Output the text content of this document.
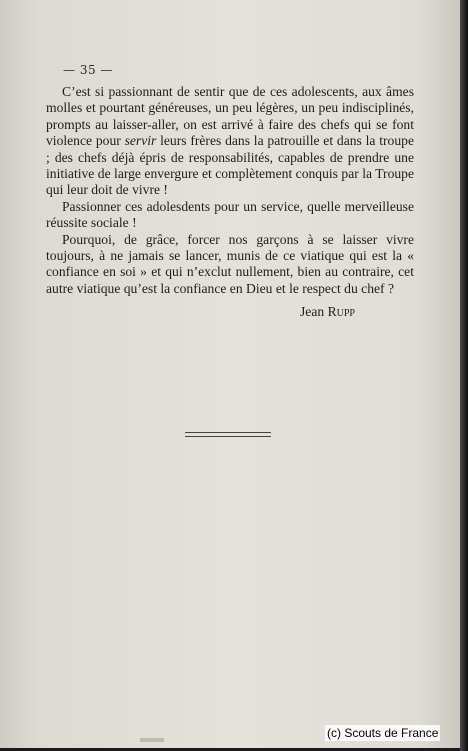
— 35 —

C’est si passionnant de sentir que de ces adolescents, aux âmes molles et pourtant généreuses, un peu légères, un peu indisciplinés, prompts au laisser-aller, on est arrivé à faire des chefs qui se font violence pour servir leurs frères dans la patrouille et dans la troupe ; des chefs déjà épris de responsabilités, capables de prendre une initiative de large envergure et complètement conquis par la Troupe qui leur doit de vivre !

Passionner ces adolesdents pour un service, quelle merveilleuse réussite sociale !

Pourquoi, de grâce, forcer nos garçons à se laisser vivre toujours, à ne jamais se lancer, munis de ce viatique qui est la « confiance en soi » et qui n’exclut nullement, bien au contraire, cet autre viatique qu’est la confiance en Dieu et le respect du chef ?

Jean Rupp
(c) Scouts de France
